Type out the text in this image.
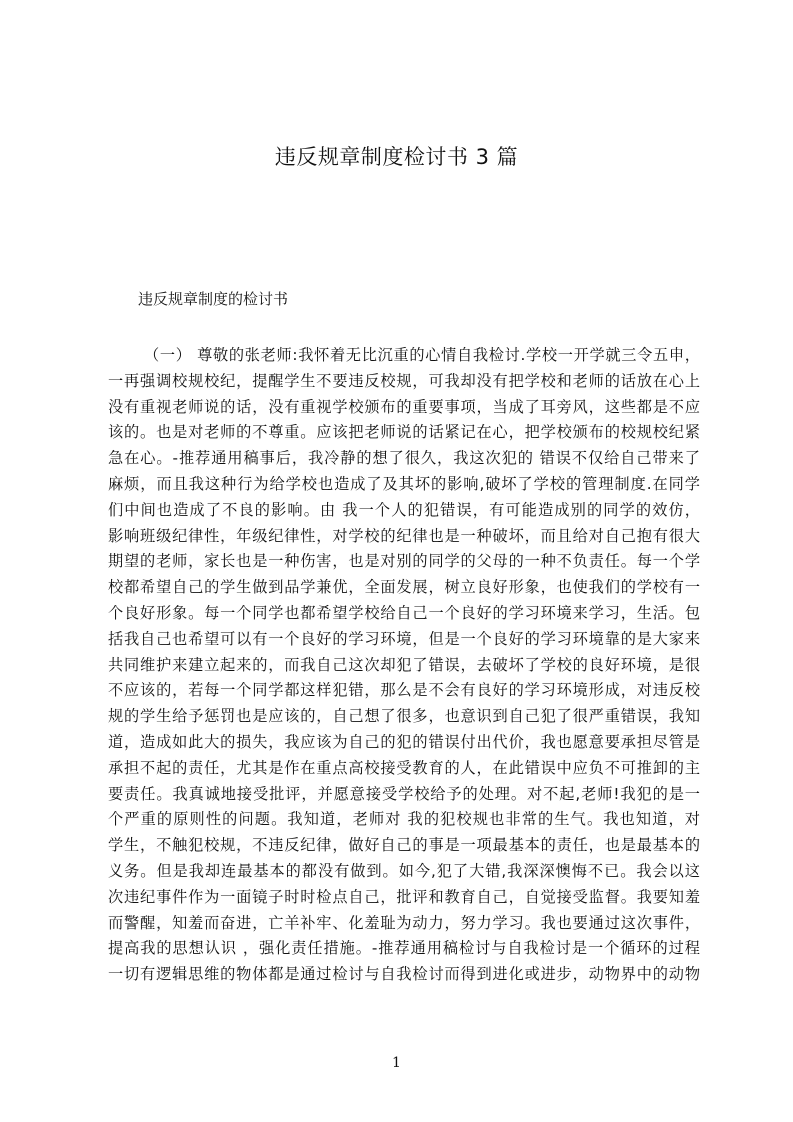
违反规章制度检讨书 3 篇
违反规章制度的检讨书
（一） 尊敬的张老师:我怀着无比沉重的心情自我检讨.学校一开学就三令五申，
一再强调校规校纪，提醒学生不要违反校规，可我却没有把学校和老师的话放在心上
没有重视老师说的话，没有重视学校颁布的重要事项，当成了耳旁风，这些都是不应
该的。也是对老师的不尊重。应该把老师说的话紧记在心，把学校颁布的校规校纪紧
急在心。-推荐通用稿事后，我冷静的想了很久，我这次犯的 错误不仅给自己带来了
麻烦，而且我这种行为给学校也造成了及其坏的影响,破坏了学校的管理制度.在同学
们中间也造成了不良的影响。由 我一个人的犯错误，有可能造成别的同学的效仿，
影响班级纪律性，年级纪律性，对学校的纪律也是一种破坏，而且给对自己抱有很大
期望的老师，家长也是一种伤害，也是对别的同学的父母的一种不负责任。每一个学
校都希望自己的学生做到品学兼优，全面发展，树立良好形象，也使我们的学校有一
个良好形象。每一个同学也都希望学校给自己一个良好的学习环境来学习，生活。包
括我自己也希望可以有一个良好的学习环境，但是一个良好的学习环境靠的是大家来
共同维护来建立起来的，而我自己这次却犯了错误，去破坏了学校的良好环境，是很
不应该的，若每一个同学都这样犯错，那么是不会有良好的学习环境形成，对违反校
规的学生给予惩罚也是应该的，自己想了很多，也意识到自己犯了很严重错误，我知
道，造成如此大的损失，我应该为自己的犯的错误付出代价，我也愿意要承担尽管是
承担不起的责任，尤其是作在重点高校接受教育的人，在此错误中应负不可推卸的主
要责任。我真诚地接受批评，并愿意接受学校给予的处理。对不起,老师!我犯的是一
个严重的原则性的问题。我知道，老师对 我的犯校规也非常的生气。我也知道，对
学生，不触犯校规，不违反纪律，做好自己的事是一项最基本的责任，也是最基本的
义务。但是我却连最基本的都没有做到。如今,犯了大错,我深深懊悔不已。我会以这
次违纪事件作为一面镜子时时检点自己，批评和教育自己，自觉接受监督。我要知羞
而警醒，知羞而奋进，亡羊补牢、化羞耻为动力，努力学习。我也要通过这次事件，
提高我的思想认识 ，强化责任措施。-推荐通用稿检讨与自我检讨是一个循环的过程
一切有逻辑思维的物体都是通过检讨与自我检讨而得到进化或进步，动物界中的动物
1
